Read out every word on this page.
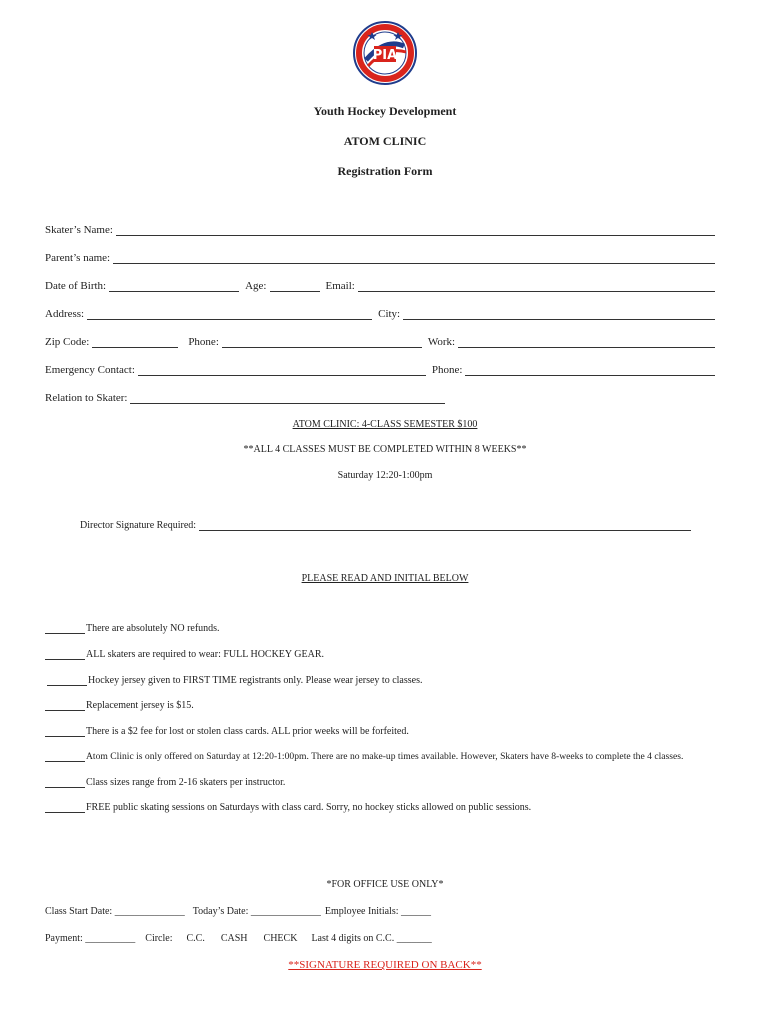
PIA
Youth Hockey Development
ATOM CLINIC
Registration Form
Skater’s Name:
Parent’s name:
Date of Birth:	Age:	Email:
Address:	City:
Zip Code:	Phone:	Work:
Emergency Contact:	Phone:
Relation to Skater:
ATOM CLINIC: 4-CLASS SEMESTER $100
**ALL 4 CLASSES MUST BE COMPLETED WITHIN 8 WEEKS**
Saturday 12:20-1:00pm
Director Signature Required:
PLEASE READ AND INITIAL BELOW
There are absolutely NO refunds.
ALL skaters are required to wear: FULL HOCKEY GEAR.
Hockey jersey given to FIRST TIME registrants only. Please wear jersey to classes.
Replacement jersey is $15.
There is a $2 fee for lost or stolen class cards. ALL prior weeks will be forfeited.
Atom Clinic is only offered on Saturday at 12:20-1:00pm. There are no make-up times available. However, Skaters have 8-weeks to complete the 4 classes.
Class sizes range from 2-16 skaters per instructor.
FREE public skating sessions on Saturdays with class card. Sorry, no hockey sticks allowed on public sessions.
*FOR OFFICE USE ONLY*
Class Start Date: ______________ Today’s Date: ______________ Employee Initials: ______
Payment: __________ Circle: C.C. CASH CHECK Last 4 digits on C.C. _______
**SIGNATURE REQUIRED ON BACK**
